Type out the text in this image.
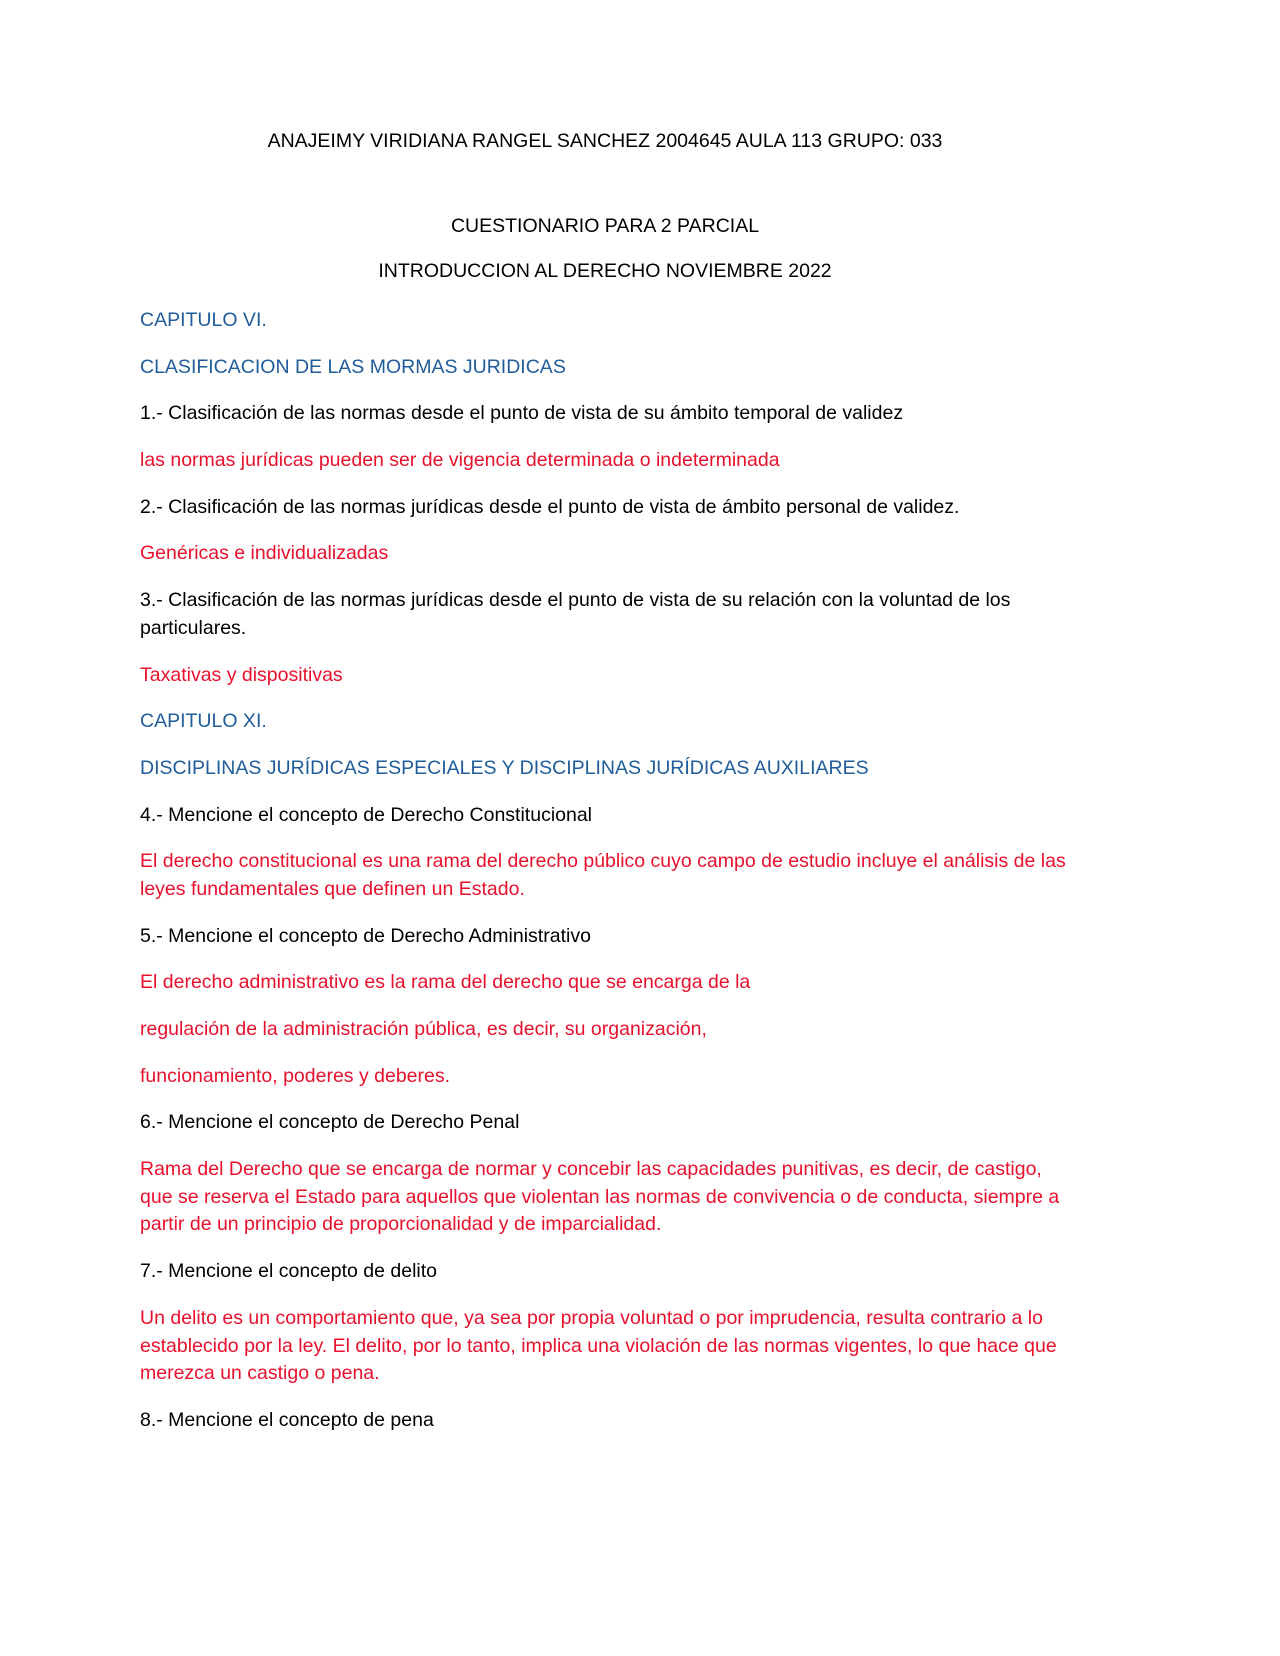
ANAJEIMY VIRIDIANA RANGEL SANCHEZ 2004645 AULA 113 GRUPO: 033
CUESTIONARIO PARA 2 PARCIAL
INTRODUCCION AL DERECHO NOVIEMBRE 2022

CAPITULO VI.

CLASIFICACION DE LAS MORMAS JURIDICAS

1.- Clasificación de las normas desde el punto de vista de su ámbito temporal de validez

las normas jurídicas pueden ser de vigencia determinada o indeterminada

2.- Clasificación de las normas jurídicas desde el punto de vista de ámbito personal de validez.

Genéricas e individualizadas

3.- Clasificación de las normas jurídicas desde el punto de vista de su relación con la voluntad de los particulares.

Taxativas y dispositivas

CAPITULO XI.

DISCIPLINAS JURÍDICAS ESPECIALES Y DISCIPLINAS JURÍDICAS AUXILIARES

4.- Mencione el concepto de Derecho Constitucional

El derecho constitucional es una rama del derecho público cuyo campo de estudio incluye el análisis de las leyes fundamentales que definen un Estado.

5.- Mencione el concepto de Derecho Administrativo

El derecho administrativo es la rama del derecho que se encarga de la

regulación de la administración pública, es decir, su organización,

funcionamiento, poderes y deberes.

6.- Mencione el concepto de Derecho Penal

Rama del Derecho que se encarga de normar y concebir las capacidades punitivas, es decir, de castigo, que se reserva el Estado para aquellos que violentan las normas de convivencia o de conducta, siempre a partir de un principio de proporcionalidad y de imparcialidad.

7.- Mencione el concepto de delito

Un delito es un comportamiento que, ya sea por propia voluntad o por imprudencia, resulta contrario a lo establecido por la ley. El delito, por lo tanto, implica una violación de las normas vigentes, lo que hace que merezca un castigo o pena.

8.- Mencione el concepto de pena
